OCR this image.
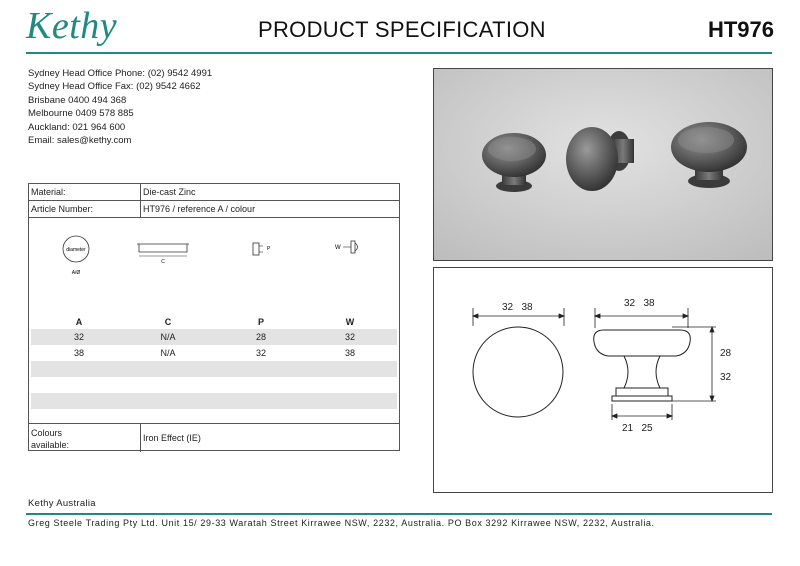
Kethy	PRODUCT SPECIFICATION	HT976
Sydney Head Office Phone: (02) 9542 4991
Sydney Head Office Fax: (02) 9542 4662
Brisbane 0400 494 368
Melbourne 0409 578 885
Auckland: 021 964 600
Email: sales@kethy.com
Material:	Die-cast Zinc
Article Number:	HT976 / reference A / colour
diameter
A/Ø
C
P	W
A	C	P	W
32	N/A	28	32
38	N/A	32	38
Colours
available:
Iron Effect (IE)
32   38	32   38
28
32
21   25
Kethy Australia
Greg Steele Trading Pty Ltd. Unit 15/ 29-33 Waratah Street Kirrawee NSW, 2232, Australia. PO Box 3292 Kirrawee NSW, 2232, Australia.
